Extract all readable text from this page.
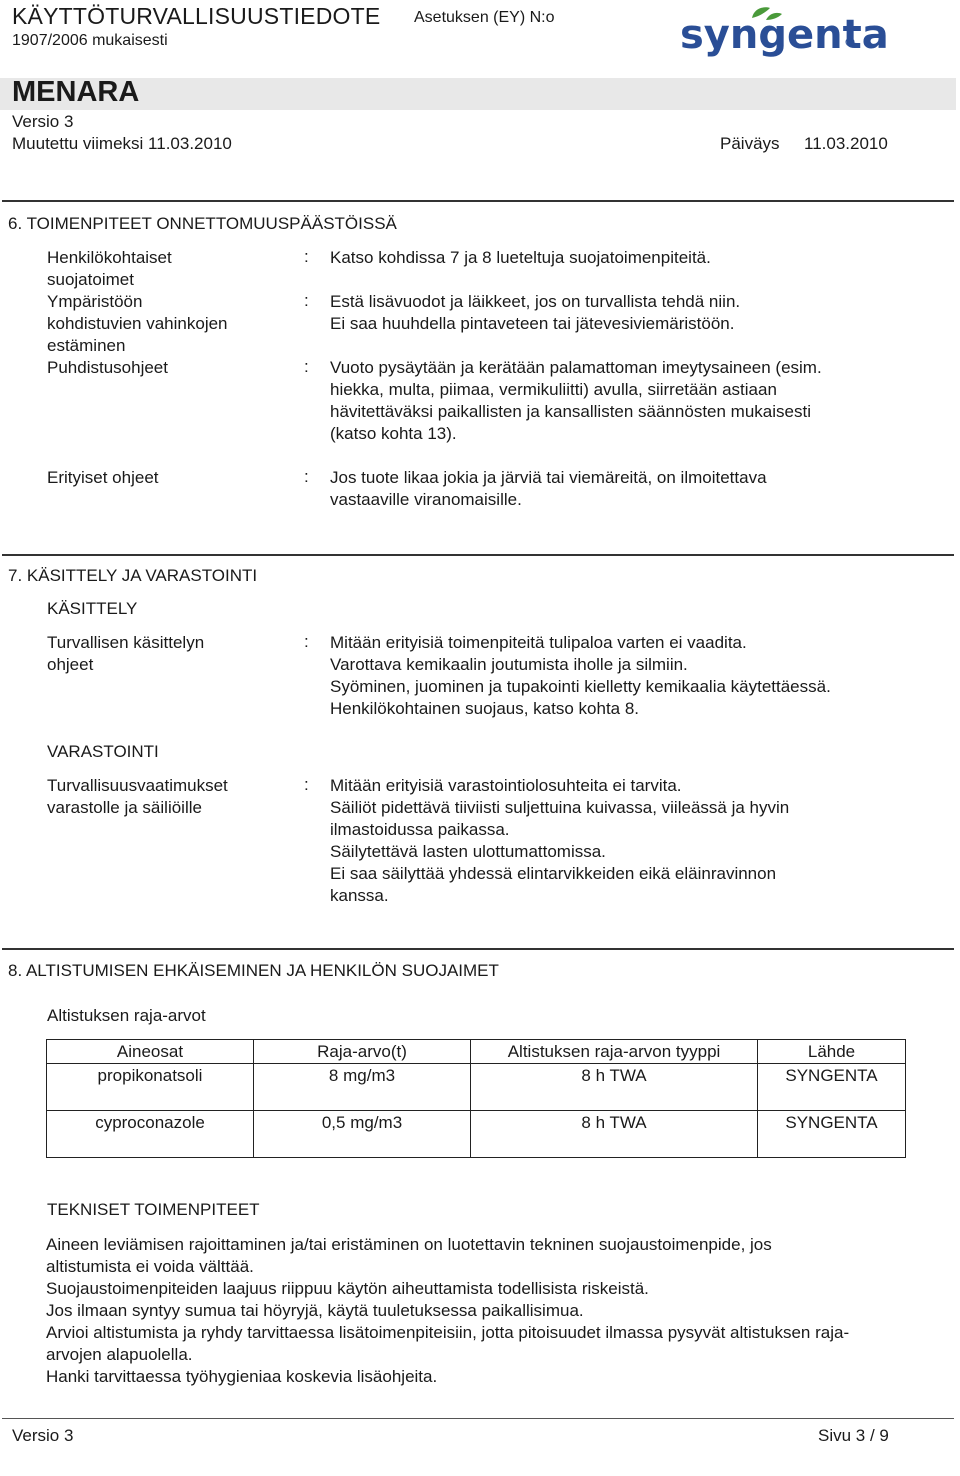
KÄYTTÖTURVALLISUUSTIEDOTE Asetuksen (EY) N:o
1907/2006 mukaisesti	syngenta
MENARA
Versio 3
Muutettu viimeksi 11.03.2010	Päiväys 11.03.2010
6. TOIMENPITEET ONNETTOMUUSPÄÄSTÖISSÄ
Henkilökohtaiset
suojatoimet
: Katso kohdissa 7 ja 8 lueteltuja suojatoimenpiteitä.
Ympäristöön
kohdistuvien vahinkojen
estäminen
: Estä lisävuodot ja läikkeet, jos on turvallista tehdä niin.
Ei saa huuhdella pintaveteen tai jätevesiviemäristöön.
Puhdistusohjeet	: Vuoto pysäytään ja kerätään palamattoman imeytysaineen (esim.
hiekka, multa, piimaa, vermikuliitti) avulla, siirretään astiaan
hävitettäväksi paikallisten ja kansallisten säännösten mukaisesti
(katso kohta 13).
Erityiset ohjeet	: Jos tuote likaa jokia ja järviä tai viemäreitä, on ilmoitettava
vastaaville viranomaisille.
7. KÄSITTELY JA VARASTOINTI
KÄSITTELY
Turvallisen käsittelyn
ohjeet
: Mitään erityisiä toimenpiteitä tulipaloa varten ei vaadita.
Varottava kemikaalin joutumista iholle ja silmiin.
Syöminen, juominen ja tupakointi kielletty kemikaalia käytettäessä.
Henkilökohtainen suojaus, katso kohta 8.
VARASTOINTI
Turvallisuusvaatimukset
varastolle ja säiliöille
: Mitään erityisiä varastointiolosuhteita ei tarvita.
Säiliöt pidettävä tiiviisti suljettuina kuivassa, viileässä ja hyvin
ilmastoidussa paikassa.
Säilytettävä lasten ulottumattomissa.
Ei saa säilyttää yhdessä elintarvikkeiden eikä eläinravinnon
kanssa.
8. ALTISTUMISEN EHKÄISEMINEN JA HENKILÖN SUOJAIMET
Altistuksen raja-arvot
Aineosat	Raja-arvo(t)	Altistuksen raja-arvon tyyppi	Lähde
propikonatsoli	8 mg/m3	8 h TWA	SYNGENTA
cyproconazole	0,5 mg/m3	8 h TWA	SYNGENTA
TEKNISET TOIMENPITEET
Aineen leviämisen rajoittaminen ja/tai eristäminen on luotettavin tekninen suojaustoimenpide, jos
altistumista ei voida välttää.
Suojaustoimenpiteiden laajuus riippuu käytön aiheuttamista todellisista riskeistä.
Jos ilmaan syntyy sumua tai höyryjä, käytä tuuletuksessa paikallisimua.
Arvioi altistumista ja ryhdy tarvittaessa lisätoimenpiteisiin, jotta pitoisuudet ilmassa pysyvät altistuksen raja-
arvojen alapuolella.
Hanki tarvittaessa työhygieniaa koskevia lisäohjeita.
Versio 3	Sivu 3 / 9
